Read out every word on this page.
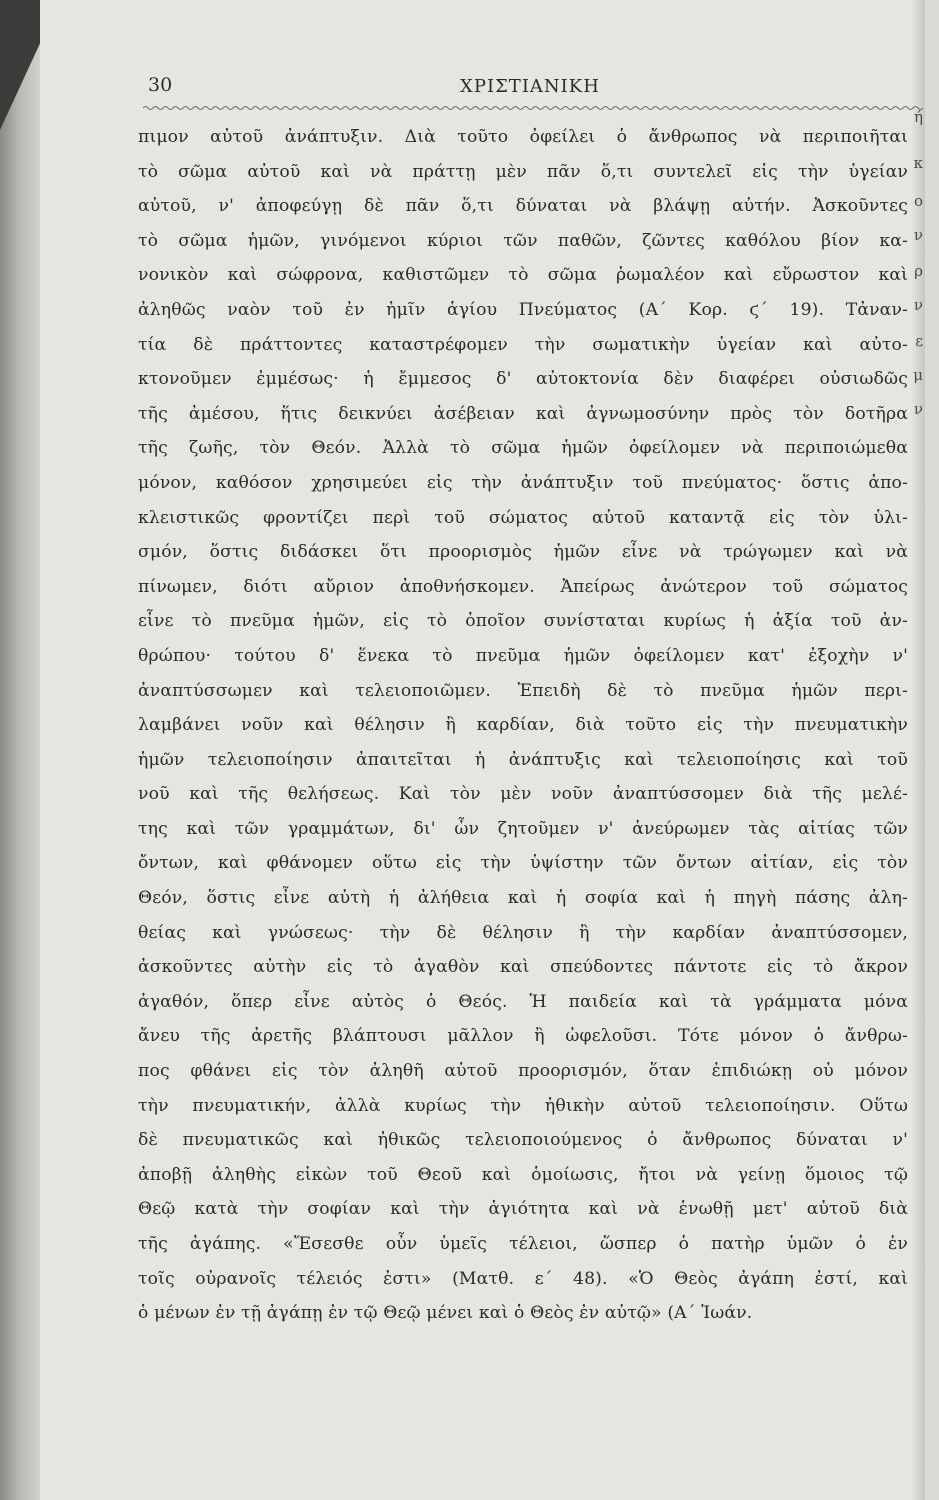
ή
κ
ο
ν
ρ
ν
ε
μ
ν
30	ΧΡΙΣΤΙΑΝΙΚΗ
πιμον αὐτοῦ ἀνάπτυξιν. Διὰ τοῦτο ὀφείλει ὁ ἄνθρωπος νὰ περιποιῆται
τὸ σῶμα αὐτοῦ καὶ νὰ πράττῃ μὲν πᾶν ὅ,τι συντελεῖ εἰς τὴν ὑγείαν
αὐτοῦ, ν' ἀποφεύγῃ δὲ πᾶν ὅ,τι δύναται νὰ βλάψῃ αὐτήν. Ἀσκοῦντες
τὸ σῶμα ἡμῶν, γινόμενοι κύριοι τῶν παθῶν, ζῶντες καθόλου βίον κα-
νονικὸν καὶ σώφρονα, καθιστῶμεν τὸ σῶμα ῥωμαλέον καὶ εὔρωστον καὶ
ἀληθῶς ναὸν τοῦ ἐν ἡμῖν ἁγίου Πνεύματος (Α΄ Κορ. ϛ΄ 19). Τἀναν-
τία δὲ πράττοντες καταστρέφομεν τὴν σωματικὴν ὑγείαν καὶ αὐτο-
κτονοῦμεν ἐμμέσως· ἡ ἔμμεσος δ' αὐτοκτονία δὲν διαφέρει οὐσιωδῶς
τῆς ἀμέσου, ἥτις δεικνύει ἀσέβειαν καὶ ἀγνωμοσύνην πρὸς τὸν δοτῆρα
τῆς ζωῆς, τὸν Θεόν. Ἀλλὰ τὸ σῶμα ἡμῶν ὀφείλομεν νὰ περιποιώμεθα
μόνον, καθόσον χρησιμεύει εἰς τὴν ἀνάπτυξιν τοῦ πνεύματος· ὅστις ἀπο-
κλειστικῶς φροντίζει περὶ τοῦ σώματος αὐτοῦ καταντᾷ εἰς τὸν ὑλι-
σμόν, ὅστις διδάσκει ὅτι προορισμὸς ἡμῶν εἶνε νὰ τρώγωμεν καὶ νὰ
πίνωμεν, διότι αὔριον ἀποθνήσκομεν. Ἀπείρως ἀνώτερον τοῦ σώματος
εἶνε τὸ πνεῦμα ἡμῶν, εἰς τὸ ὁποῖον συνίσταται κυρίως ἡ ἀξία τοῦ ἀν-
θρώπου· τούτου δ' ἕνεκα τὸ πνεῦμα ἡμῶν ὀφείλομεν κατ' ἐξοχὴν ν'
ἀναπτύσσωμεν καὶ τελειοποιῶμεν. Ἐπειδὴ δὲ τὸ πνεῦμα ἡμῶν περι-
λαμβάνει νοῦν καὶ θέλησιν ἢ καρδίαν, διὰ τοῦτο εἰς τὴν πνευματικὴν
ἡμῶν τελειοποίησιν ἀπαιτεῖται ἡ ἀνάπτυξις καὶ τελειοποίησις καὶ τοῦ
νοῦ καὶ τῆς θελήσεως. Καὶ τὸν μὲν νοῦν ἀναπτύσσομεν διὰ τῆς μελέ-
της καὶ τῶν γραμμάτων, δι' ὧν ζητοῦμεν ν' ἀνεύρωμεν τὰς αἰτίας τῶν
ὄντων, καὶ φθάνομεν οὕτω εἰς τὴν ὑψίστην τῶν ὄντων αἰτίαν, εἰς τὸν
Θεόν, ὅστις εἶνε αὐτὴ ἡ ἀλήθεια καὶ ἡ σοφία καὶ ἡ πηγὴ πάσης ἀλη-
θείας καὶ γνώσεως· τὴν δὲ θέλησιν ἢ τὴν καρδίαν ἀναπτύσσομεν,
ἀσκοῦντες αὐτὴν εἰς τὸ ἀγαθὸν καὶ σπεύδοντες πάντοτε εἰς τὸ ἄκρον
ἀγαθόν, ὅπερ εἶνε αὐτὸς ὁ Θεός. Ἡ παιδεία καὶ τὰ γράμματα μόνα
ἄνευ τῆς ἀρετῆς βλάπτουσι μᾶλλον ἢ ὠφελοῦσι. Τότε μόνον ὁ ἄνθρω-
πος φθάνει εἰς τὸν ἀληθῆ αὐτοῦ προορισμόν, ὅταν ἐπιδιώκῃ οὐ μόνον
τὴν πνευματικήν, ἀλλὰ κυρίως τὴν ἠθικὴν αὐτοῦ τελειοποίησιν. Οὕτω
δὲ πνευματικῶς καὶ ἠθικῶς τελειοποιούμενος ὁ ἄνθρωπος δύναται ν'
ἀποβῇ ἀληθὴς εἰκὼν τοῦ Θεοῦ καὶ ὁμοίωσις, ἤτοι νὰ γείνῃ ὅμοιος τῷ
Θεῷ κατὰ τὴν σοφίαν καὶ τὴν ἁγιότητα καὶ νὰ ἑνωθῇ μετ' αὐτοῦ διὰ
τῆς ἀγάπης. «Ἔσεσθε οὖν ὑμεῖς τέλειοι, ὥσπερ ὁ πατὴρ ὑμῶν ὁ ἐν
τοῖς οὐρανοῖς τέλειός ἐστι» (Ματθ. ε΄ 48). «Ὁ Θεὸς ἀγάπη ἐστί, καὶ
ὁ μένων ἐν τῇ ἀγάπῃ ἐν τῷ Θεῷ μένει καὶ ὁ Θεὸς ἐν αὐτῷ» (Α΄ Ἰωάν.
